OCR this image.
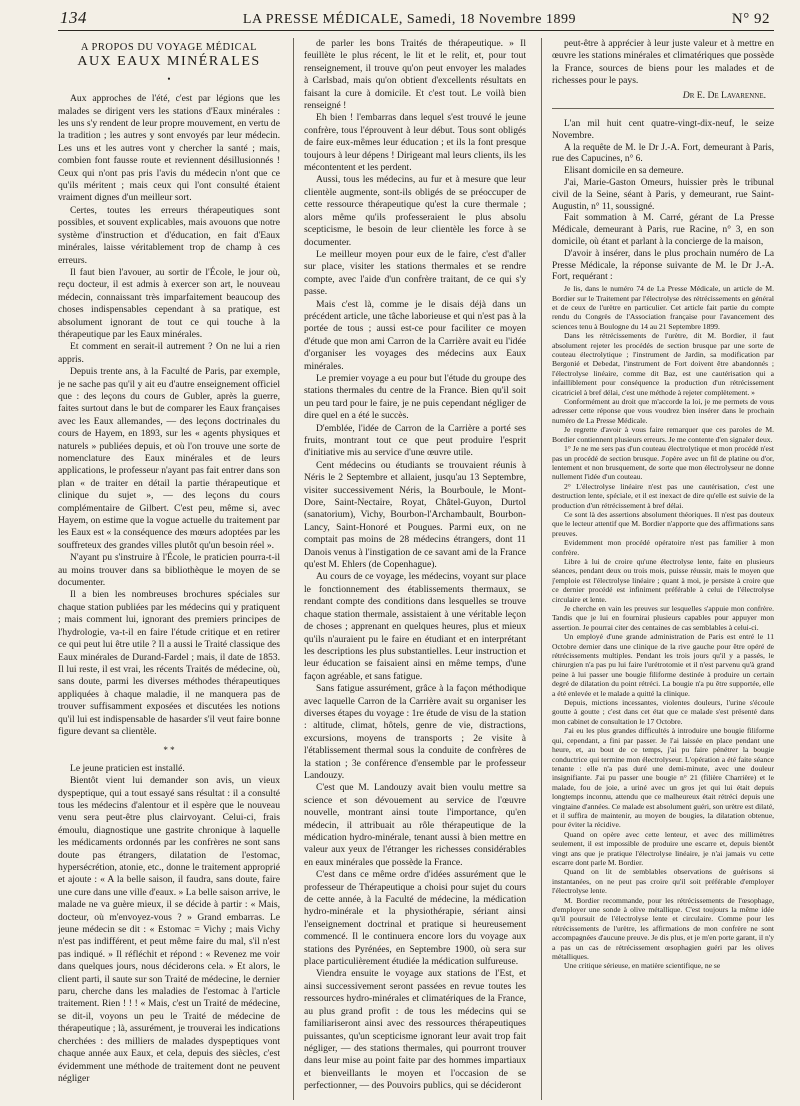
134	LA PRESSE MÉDICALE, Samedi, 18 Novembre 1899	N° 92
A PROPOS DU VOYAGE MÉDICAL
AUX EAUX MINÉRALES
•

Aux approches de l'été, c'est par légions que les malades se dirigent vers les stations d'Eaux minérales : les uns s'y rendent de leur propre mouvement, en vertu de la tradition ; les autres y sont envoyés par leur médecin. Les uns et les autres vont y chercher la santé ; mais, combien font fausse route et reviennent désillusionnés ! Ceux qui n'ont pas pris l'avis du médecin n'ont que ce qu'ils méritent ; mais ceux qui l'ont consulté étaient vraiment dignes d'un meilleur sort.

Certes, toutes les erreurs thérapeutiques sont possibles, et souvent explicables, mais avouons que notre système d'instruction et d'éducation, en fait d'Eaux minérales, laisse véritablement trop de champ à ces erreurs.

Il faut bien l'avouer, au sortir de l'École, le jour où, reçu docteur, il est admis à exercer son art, le nouveau médecin, connaissant très imparfaitement beaucoup des choses indispensables cependant à sa pratique, est absolument ignorant de tout ce qui touche à la thérapeutique par les Eaux minérales.

Et comment en serait-il autrement ? On ne lui a rien appris.

Depuis trente ans, à la Faculté de Paris, par exemple, je ne sache pas qu'il y ait eu d'autre enseignement officiel que : des leçons du cours de Gubler, après la guerre, faites surtout dans le but de comparer les Eaux françaises avec les Eaux allemandes, — des leçons doctrinales du cours de Hayem, en 1893, sur les « agents physiques et naturels » publiées depuis, et où l'on trouve une sorte de nomenclature des Eaux minérales et de leurs applications, le professeur n'ayant pas fait entrer dans son plan « de traiter en détail la partie thérapeutique et clinique du sujet », — des leçons du cours complémentaire de Gilbert. C'est peu, même si, avec Hayem, on estime que la vogue actuelle du traitement par les Eaux est « la conséquence des mœurs adoptées par les souffreteux des grandes villes plutôt qu'un besoin réel ».

N'ayant pu s'instruire à l'École, le praticien pourra-t-il au moins trouver dans sa bibliothèque le moyen de se documenter.

Il a bien les nombreuses brochures spéciales sur chaque station publiées par les médecins qui y pratiquent ; mais comment lui, ignorant des premiers principes de l'hydrologie, va-t-il en faire l'étude critique et en retirer ce qui peut lui être utile ? Il a aussi le Traité classique des Eaux minérales de Durand-Fardel ; mais, il date de 1853. Il lui reste, il est vrai, les récents Traités de médecine, où, sans doute, parmi les diverses méthodes thérapeutiques appliquées à chaque maladie, il ne manquera pas de trouver suffisamment exposées et discutées les notions qu'il lui est indispensable de hasarder s'il veut faire bonne figure devant sa clientèle.

* *

Le jeune praticien est installé.

Bientôt vient lui demander son avis, un vieux dyspeptique, qui a tout essayé sans résultat : il a consulté tous les médecins d'alentour et il espère que le nouveau venu sera peut-être plus clairvoyant. Celui-ci, frais émoulu, diagnostique une gastrite chronique à laquelle les médicaments ordonnés par les confrères ne sont sans doute pas étrangers, dilatation de l'estomac, hypersécrétion, atonie, etc., donne le traitement approprié et ajoute : « A la belle saison, il faudra, sans doute, faire une cure dans une ville d'eaux. » La belle saison arrive, le malade ne va guère mieux, il se décide à partir : « Mais, docteur, où m'envoyez-vous ? » Grand embarras. Le jeune médecin se dit : « Estomac = Vichy ; mais Vichy n'est pas indifférent, et peut même faire du mal, s'il n'est pas indiqué. » Il réfléchit et répond : « Revenez me voir dans quelques jours, nous déciderons cela. » Et alors, le client parti, il saute sur son Traité de médecine, le dernier paru, cherche dans les maladies de l'estomac à l'article traitement. Rien ! ! ! « Mais, c'est un Traité de médecine, se dit-il, voyons un peu le Traité de médecine de thérapeutique ; là, assurément, je trouverai les indications cherchées : des milliers de malades dyspeptiques vont chaque année aux Eaux, et cela, depuis des siècles, c'est évidemment une méthode de traitement dont ne peuvent négliger

de parler les bons Traités de thérapeutique. » Il feuillète le plus récent, le lit et le relit, et, pour tout renseignement, il trouve qu'on peut envoyer les malades à Carlsbad, mais qu'on obtient d'excellents résultats en faisant la cure à domicile. Et c'est tout. Le voilà bien renseigné !

Eh bien ! l'embarras dans lequel s'est trouvé le jeune confrère, tous l'éprouvent à leur début. Tous sont obligés de faire eux-mêmes leur éducation ; et ils la font presque toujours à leur dépens ! Dirigeant mal leurs clients, ils les mécontentent et les perdent.

Aussi, tous les médecins, au fur et à mesure que leur clientèle augmente, sont-ils obligés de se préoccuper de cette ressource thérapeutique qu'est la cure thermale ; alors même qu'ils professeraient le plus absolu scepticisme, le besoin de leur clientèle les force à se documenter.

Le meilleur moyen pour eux de le faire, c'est d'aller sur place, visiter les stations thermales et se rendre compte, avec l'aide d'un confrère traitant, de ce qui s'y passe.

Mais c'est là, comme je le disais déjà dans un précédent article, une tâche laborieuse et qui n'est pas à la portée de tous ; aussi est-ce pour faciliter ce moyen d'étude que mon ami Carron de la Carrière avait eu l'idée d'organiser les voyages des médecins aux Eaux minérales.

Le premier voyage a eu pour but l'étude du groupe des stations thermales du centre de la France. Bien qu'il soit un peu tard pour le faire, je ne puis cependant négliger de dire quel en a été le succès.

D'emblée, l'idée de Carron de la Carrière a porté ses fruits, montrant tout ce que peut produire l'esprit d'initiative mis au service d'une œuvre utile.

Cent médecins ou étudiants se trouvaient réunis à Néris le 2 Septembre et allaient, jusqu'au 13 Septembre, visiter successivement Néris, la Bourboule, le Mont-Dore, Saint-Nectaire, Royat, Châtel-Guyon, Durtol (sanatorium), Vichy, Bourbon-l'Archambault, Bourbon-Lancy, Saint-Honoré et Pougues. Parmi eux, on ne comptait pas moins de 28 médecins étrangers, dont 11 Danois venus à l'instigation de ce savant ami de la France qu'est M. Ehlers (de Copenhague).

Au cours de ce voyage, les médecins, voyant sur place le fonctionnement des établissements thermaux, se rendant compte des conditions dans lesquelles se trouve chaque station thermale, assistaient à une véritable leçon de choses ; apprenant en quelques heures, plus et mieux qu'ils n'auraient pu le faire en étudiant et en interprétant les descriptions les plus substantielles. Leur instruction et leur éducation se faisaient ainsi en même temps, d'une façon agréable, et sans fatigue.

Sans fatigue assurément, grâce à la façon méthodique avec laquelle Carron de la Carrière avait su organiser les diverses étapes du voyage : 1re étude de visu de la station : altitude, climat, hôtels, genre de vie, distractions, excursions, moyens de transports ; 2e visite à l'établissement thermal sous la conduite de confrères de la station ; 3e conférence d'ensemble par le professeur Landouzy.

C'est que M. Landouzy avait bien voulu mettre sa science et son dévouement au service de l'œuvre nouvelle, montrant ainsi toute l'importance, qu'en médecin, il attribuait au rôle thérapeutique de la médication hydro-minérale, tenant aussi à bien mettre en valeur aux yeux de l'étranger les richesses considérables en eaux minérales que possède la France.

C'est dans ce même ordre d'idées assurément que le professeur de Thérapeutique a choisi pour sujet du cours de cette année, à la Faculté de médecine, la médication hydro-minérale et la physiothérapie, sériant ainsi l'enseignement doctrinal et pratique si heureusement commencé. Il le continuera encore lors du voyage aux stations des Pyrénées, en Septembre 1900, où sera sur place particulièrement étudiée la médication sulfureuse.

Viendra ensuite le voyage aux stations de l'Est, et ainsi successivement seront passées en revue toutes les ressources hydro-minérales et climatériques de la France, au plus grand profit : de tous les médecins qui se familiariseront ainsi avec des ressources thérapeutiques puissantes, qu'un scepticisme ignorant leur avait trop fait négliger, — des stations thermales, qui pourront trouver dans leur mise au point faite par des hommes impartiaux et bienveillants le moyen et l'occasion de se perfectionner, — des Pouvoirs publics, qui se décideront

peut-être à apprécier à leur juste valeur et à mettre en œuvre les stations minérales et climatériques que possède la France, sources de biens pour les malades et de richesses pour le pays.

Dr E. De Lavarenne.

L'an mil huit cent quatre-vingt-dix-neuf, le seize Novembre.

A la requête de M. le Dr J.-A. Fort, demeurant à Paris, rue des Capucines, n° 6.

Elisant domicile en sa demeure.

J'ai, Marie-Gaston Omeurs, huissier près le tribunal civil de la Seine, séant à Paris, y demeurant, rue Saint-Augustin, n° 11, soussigné.

Fait sommation à M. Carré, gérant de La Presse Médicale, demeurant à Paris, rue Racine, n° 3, en son domicile, où étant et parlant à la concierge de la maison,

D'avoir à insérer, dans le plus prochain numéro de La Presse Médicale, la réponse suivante de M. le Dr J.-A. Fort, requérant :

Je lis, dans le numéro 74 de La Presse Médicale, un article de M. Bordier sur le Traitement par l'électrolyse des rétrécissements en général et de ceux de l'urètre en particulier. Cet article fait partie du compte rendu du Congrès de l'Association française pour l'avancement des sciences tenu à Boulogne du 14 au 21 Septembre 1899.

Dans les rétrécissements de l'urètre, dit M. Bordier, il faut absolument rejeter les procédés de section brusque par une sorte de couteau électrolytique ; l'instrument de Jardin, sa modification par Bergonié et Debedat, l'instrument de Fort doivent être abandonnés ; l'électrolyse linéaire, comme dit Baz, est une cautérisation qui a infailliblement pour conséquence la production d'un rétrécissement cicatriciel à bref délai, c'est une méthode à rejeter complètement. »

Conformément au droit que m'accorde la loi, je me permets de vous adresser cette réponse que vous voudrez bien insérer dans le prochain numéro de La Presse Médicale.

Je regrette d'avoir à vous faire remarquer que ces paroles de M. Bordier contiennent plusieurs erreurs. Je me contente d'en signaler deux.

1° Je ne me sers pas d'un couteau électrolytique et mon procédé n'est pas un procédé de section brusque. J'opère avec un fil de platine ou d'or, lentement et non brusquement, de sorte que mon électrolyseur ne donne nullement l'idée d'un couteau.

2° L'électrolyse linéaire n'est pas une cautérisation, c'est une destruction lente, spéciale, et il est inexact de dire qu'elle est suivie de la production d'un rétrécissement à bref délai.

Ce sont là des assertions absolument théoriques. Il n'est pas douteux que le lecteur attentif que M. Bordier n'apporte que des affirmations sans preuves.

Evidemment mon procédé opératoire n'est pas familier à mon confrère.

Libre à lui de croire qu'une électrolyse lente, faite en plusieurs séances, pendant deux ou trois mois, puisse réussir, mais le moyen que j'emploie est l'électrolyse linéaire ; quant à moi, je persiste à croire que ce dernier procédé est infiniment préférable à celui de l'électrolyse circulaire et lente.

Je cherche en vain les preuves sur lesquelles s'appuie mon confrère. Tandis que je lui en fournirai plusieurs capables pour appuyer mon assertion. Je pourrai citer des centaines de cas semblables à celui-ci.

Un employé d'une grande administration de Paris est entré le 11 Octobre dernier dans une clinique de la rive gauche pour être opéré de rétrécissements multiples. Pendant les trois jours qu'il y a passés, le chirurgien n'a pas pu lui faire l'urétrotomie et il n'est parvenu qu'à grand peine à lui passer une bougie filiforme destinée à produire un certain degré de dilatation du point rétréci. La bougie n'a pu être supportée, elle a été enlevée et le malade a quitté la clinique.

Depuis, mictions incessantes, violentes douleurs, l'urine s'écoule goutte à goutte ; c'est dans cet état que ce malade s'est présenté dans mon cabinet de consultation le 17 Octobre.

J'ai eu les plus grandes difficultés à introduire une bougie filiforme qui, cependant, a fini par passer. Je l'ai laissée en place pendant une heure, et, au bout de ce temps, j'ai pu faire pénétrer la bougie conductrice qui termine mon électrolyseur. L'opération a été faite séance tenante : elle n'a pas duré une demi-minute, avec une douleur insignifiante. J'ai pu passer une bougie n° 21 (filière Charrière) et le malade, fou de joie, a uriné avec un gros jet qui lui était depuis longtemps inconnu, attendu que ce malheureux était rétréci depuis une vingtaine d'années. Ce malade est absolument guéri, son urètre est dilaté, et il suffira de maintenir, au moyen de bougies, la dilatation obtenue, pour éviter la récidive.

Quand on opère avec cette lenteur, et avec des millimètres seulement, il est impossible de produire une escarre et, depuis bientôt vingt ans que je pratique l'électrolyse linéaire, je n'ai jamais vu cette escarre dont parle M. Bordier.

Quand on lit de semblables observations de guérisons si instantanées, on ne peut pas croire qu'il soit préférable d'employer l'électrolyse lente.

M. Bordier recommande, pour les rétrécissements de l'œsophage, d'employer une sonde à olive métallique. C'est toujours la même idée qu'il poursuit de l'électrolyse lente et circulaire. Comme pour les rétrécissements de l'urètre, les affirmations de mon confrère ne sont accompagnées d'aucune preuve. Je dis plus, et je m'en porte garant, il n'y a pas un cas de rétrécissement œsophagien guéri par les olives métalliques.

Une critique sérieuse, en matière scientifique, ne se
